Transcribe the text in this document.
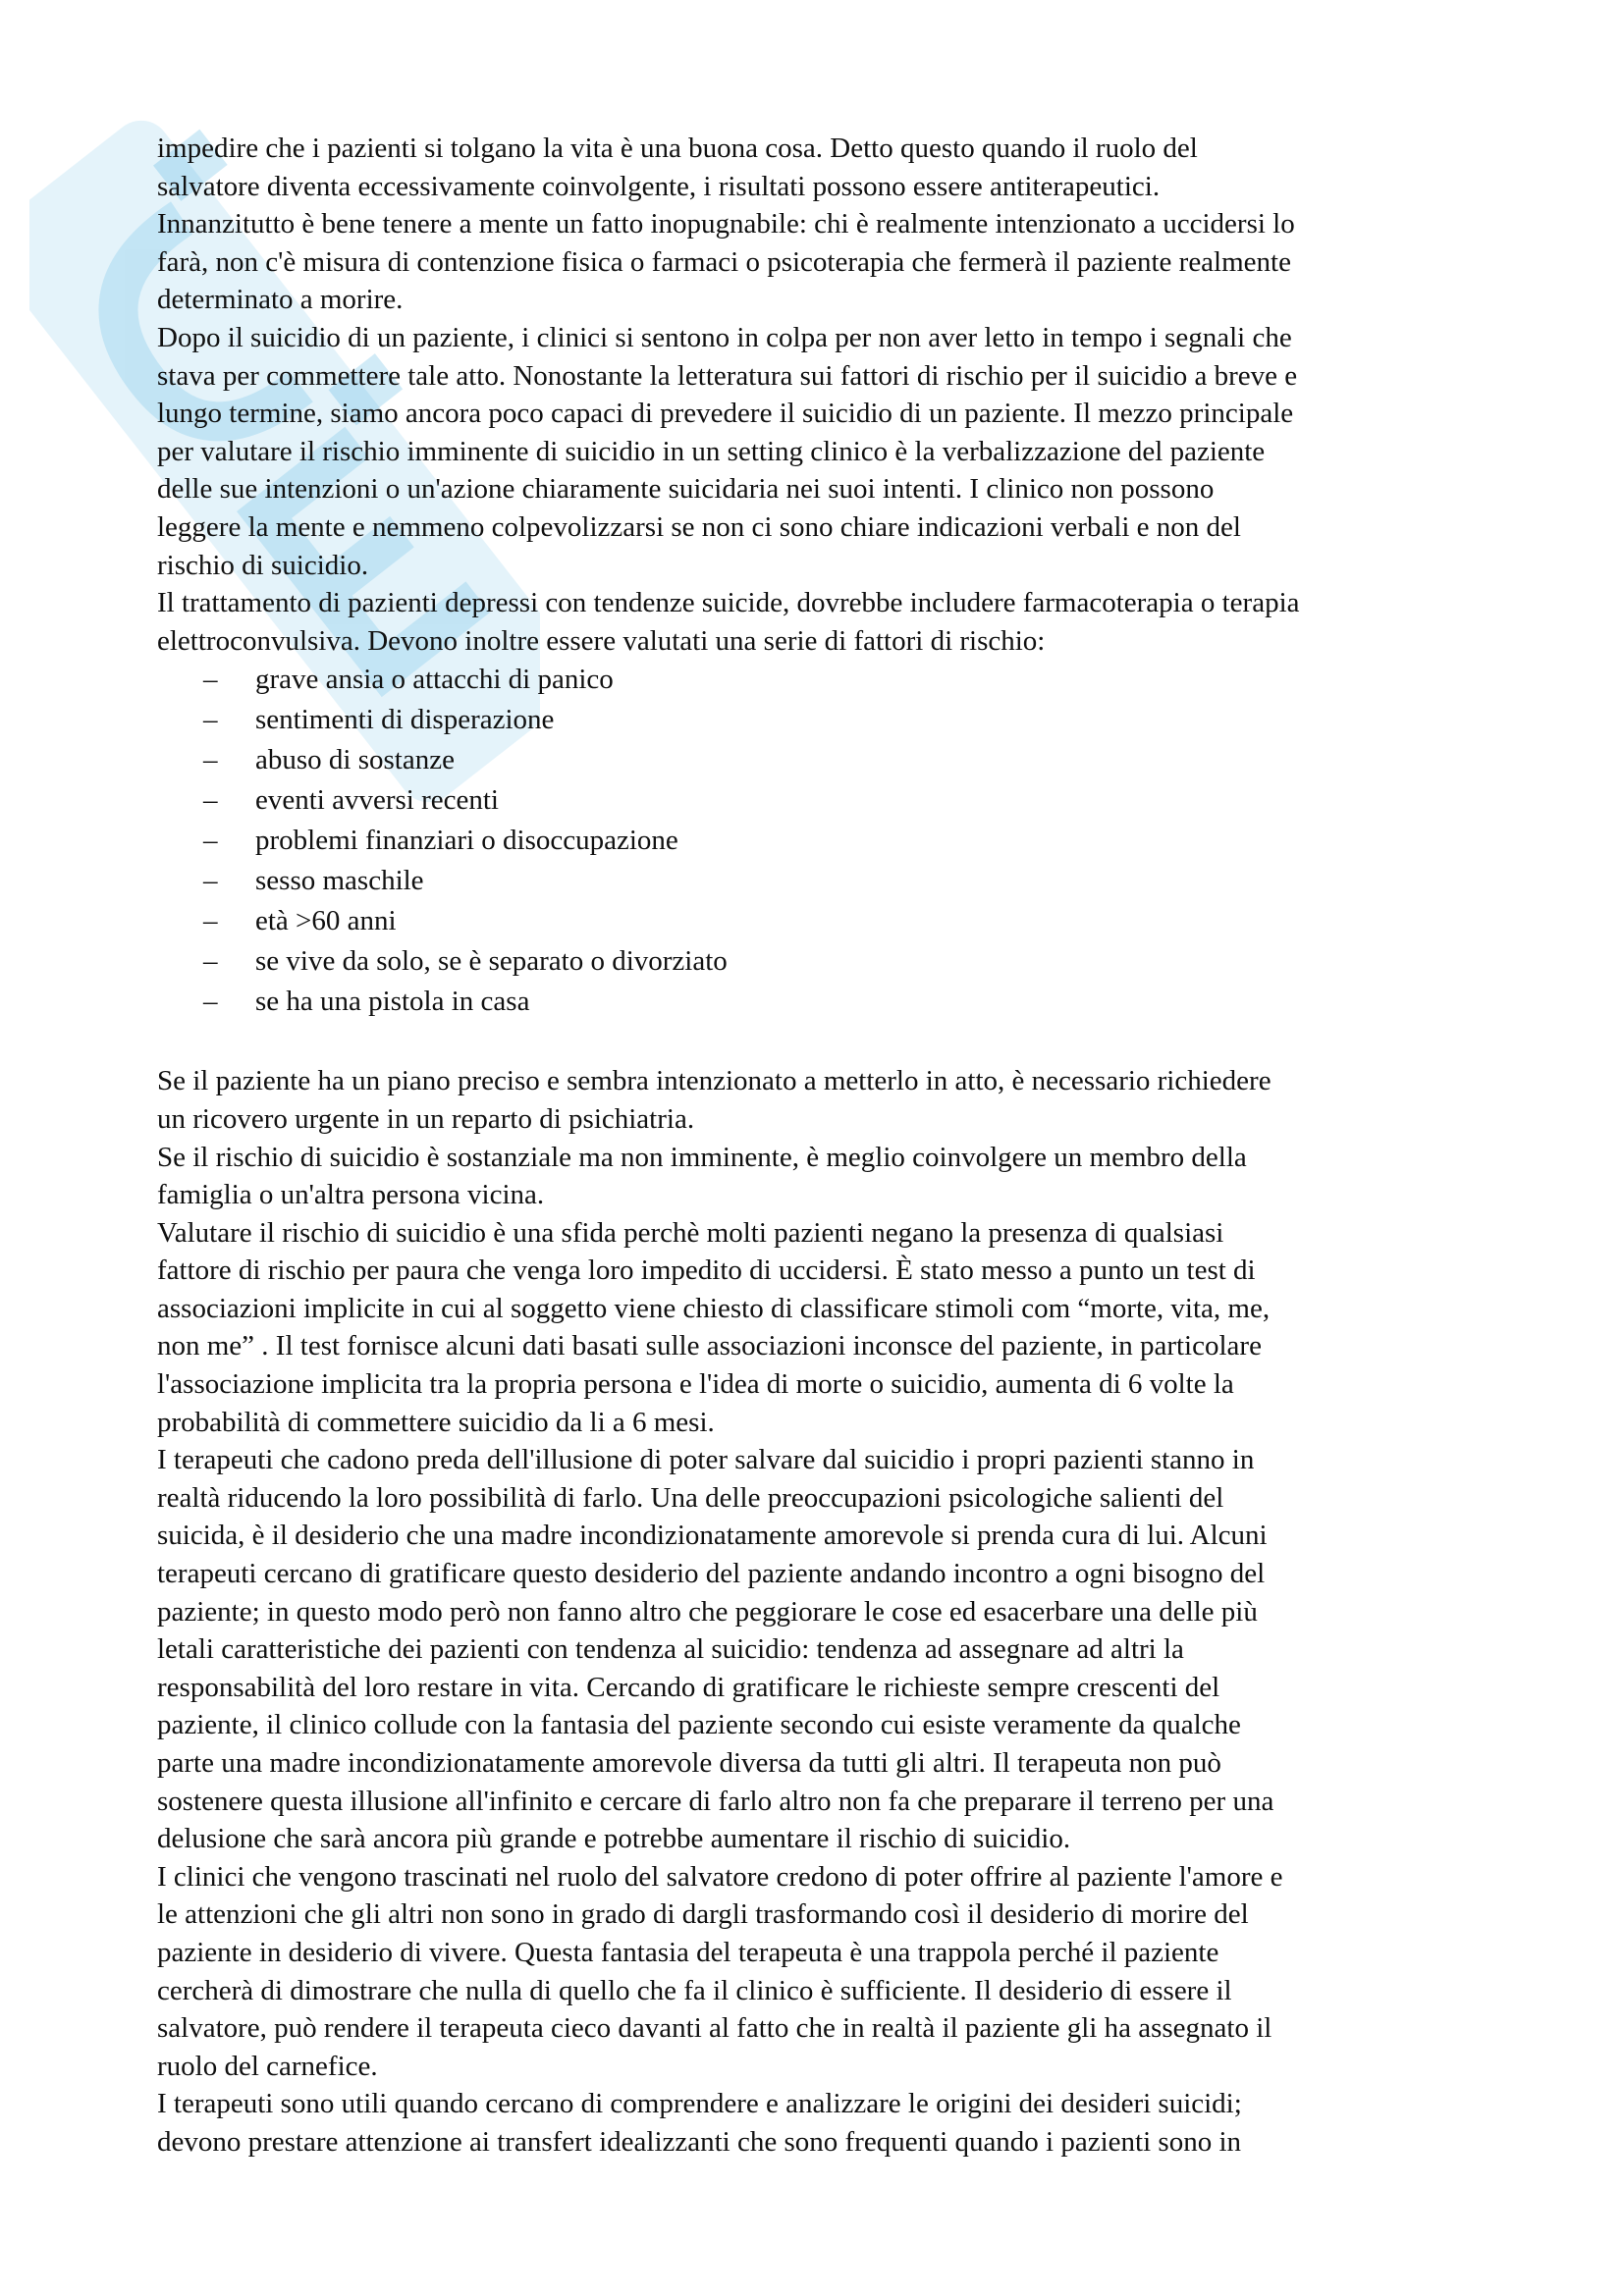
impedire che i pazienti si tolgano la vita è una buona cosa. Detto questo quando il ruolo del
salvatore diventa eccessivamente coinvolgente, i risultati possono essere antiterapeutici.
Innanzitutto è bene tenere a mente un fatto inopugnabile: chi è realmente intenzionato a uccidersi lo
farà, non c'è misura di contenzione fisica o farmaci o psicoterapia che fermerà il paziente realmente
determinato a morire.

Dopo il suicidio di un paziente, i clinici si sentono in colpa per non aver letto in tempo i segnali che
stava per commettere tale atto. Nonostante la letteratura sui fattori di rischio per il suicidio a breve e
lungo termine, siamo ancora poco capaci di prevedere il suicidio di un paziente. Il mezzo principale
per valutare il rischio imminente di suicidio in un setting clinico è la verbalizzazione del paziente
delle sue intenzioni o un'azione chiaramente suicidaria nei suoi intenti. I clinico non possono
leggere la mente e nemmeno colpevolizzarsi se non ci sono chiare indicazioni verbali e non del
rischio di suicidio.

Il trattamento di pazienti depressi con tendenze suicide, dovrebbe includere farmacoterapia o terapia
elettroconvulsiva. Devono inoltre essere valutati una serie di fattori di rischio:

– grave ansia o attacchi di panico
– sentimenti di disperazione
– abuso di sostanze
– eventi avversi recenti
– problemi finanziari o disoccupazione
– sesso maschile
– età >60 anni
– se vive da solo, se è separato o divorziato
– se ha una pistola in casa

Se il paziente ha un piano preciso e sembra intenzionato a metterlo in atto, è necessario richiedere
un ricovero urgente in un reparto di psichiatria.

Se il rischio di suicidio è sostanziale ma non imminente, è meglio coinvolgere un membro della
famiglia o un'altra persona vicina.

Valutare il rischio di suicidio è una sfida perchè molti pazienti negano la presenza di qualsiasi
fattore di rischio per paura che venga loro impedito di uccidersi. È stato messo a punto un test di
associazioni implicite in cui al soggetto viene chiesto di classificare stimoli com “morte, vita, me,
non me” . Il test fornisce alcuni dati basati sulle associazioni inconsce del paziente, in particolare
l'associazione implicita tra la propria persona e l'idea di morte o suicidio, aumenta di 6 volte la
probabilità di commettere suicidio da li a 6 mesi.

I terapeuti che cadono preda dell'illusione di poter salvare dal suicidio i propri pazienti stanno in
realtà riducendo la loro possibilità di farlo. Una delle preoccupazioni psicologiche salienti del
suicida, è il desiderio che una madre incondizionatamente amorevole si prenda cura di lui. Alcuni
terapeuti cercano di gratificare questo desiderio del paziente andando incontro a ogni bisogno del
paziente; in questo modo però non fanno altro che peggiorare le cose ed esacerbare una delle più
letali caratteristiche dei pazienti con tendenza al suicidio: tendenza ad assegnare ad altri la
responsabilità del loro restare in vita. Cercando di gratificare le richieste sempre crescenti del
paziente, il clinico collude con la fantasia del paziente secondo cui esiste veramente da qualche
parte una madre incondizionatamente amorevole diversa da tutti gli altri. Il terapeuta non può
sostenere questa illusione all'infinito e cercare di farlo altro non fa che preparare il terreno per una
delusione che sarà ancora più grande e potrebbe aumentare il rischio di suicidio.

I clinici che vengono trascinati nel ruolo del salvatore credono di poter offrire al paziente l'amore e
le attenzioni che gli altri non sono in grado di dargli trasformando così il desiderio di morire del
paziente in desiderio di vivere. Questa fantasia del terapeuta è una trappola perché il paziente
cercherà di dimostrare che nulla di quello che fa il clinico è sufficiente. Il desiderio di essere il
salvatore, può rendere il terapeuta cieco davanti al fatto che in realtà il paziente gli ha assegnato il
ruolo del carnefice.

I terapeuti sono utili quando cercano di comprendere e analizzare le origini dei desideri suicidi;
devono prestare attenzione ai transfert idealizzanti che sono frequenti quando i pazienti sono in
